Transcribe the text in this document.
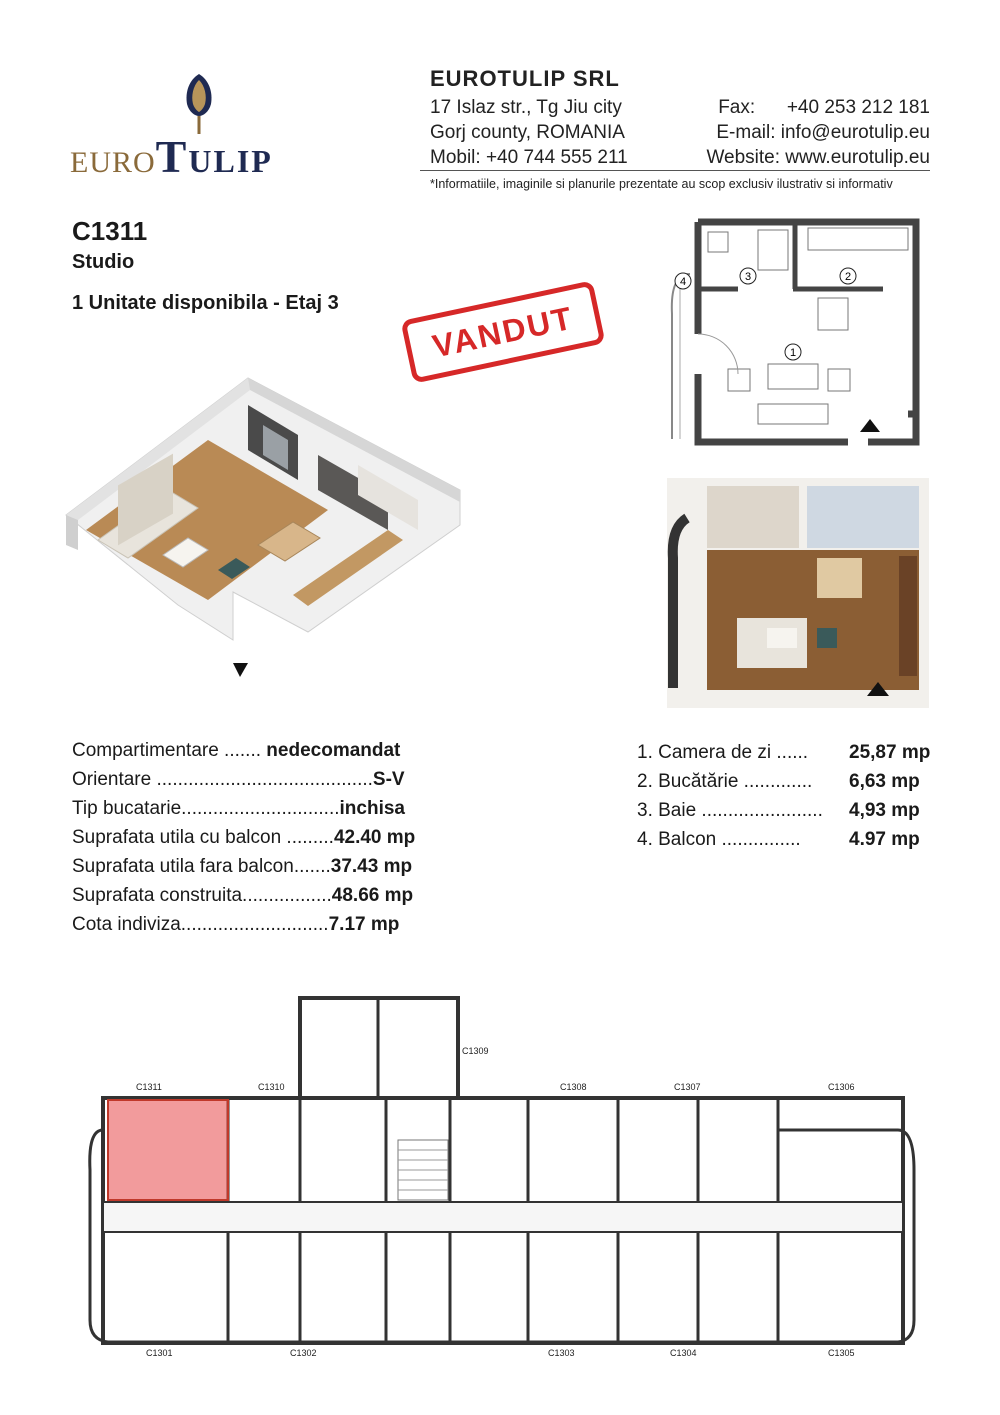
EUROTULIP
EUROTULIP SRL
17 Islaz str., Tg Jiu city	Fax: +40 253 212 181
Gorj county, ROMANIA	E-mail: info@eurotulip.eu
Mobil: +40 744 555 211	Website: www.eurotulip.eu
*Informatiile, imaginile si planurile prezentate au scop exclusiv ilustrativ si informativ
C1311
Studio
1 Unitate disponibila - Etaj 3	VANDUT	1
2
3
4
Compartimentare ....... nedecomandat
Orientare .........................................S-V
Tip bucatarie..............................inchisa
Suprafata utila cu balcon .........42.40 mp
Suprafata utila fara balcon.......37.43 mp
Suprafata construita.................48.66 mp
Cota indiviza............................7.17 mp
1. Camera de zi ...... 25,87 mp
2. Bucătărie ............. 6,63 mp
3. Baie ....................... 4,93 mp
4. Balcon ...............	4.97 mp
C1311	C1310
C1309
C1308	C1307	C1306
C1301	C1302	C1303	C1304	C1305
